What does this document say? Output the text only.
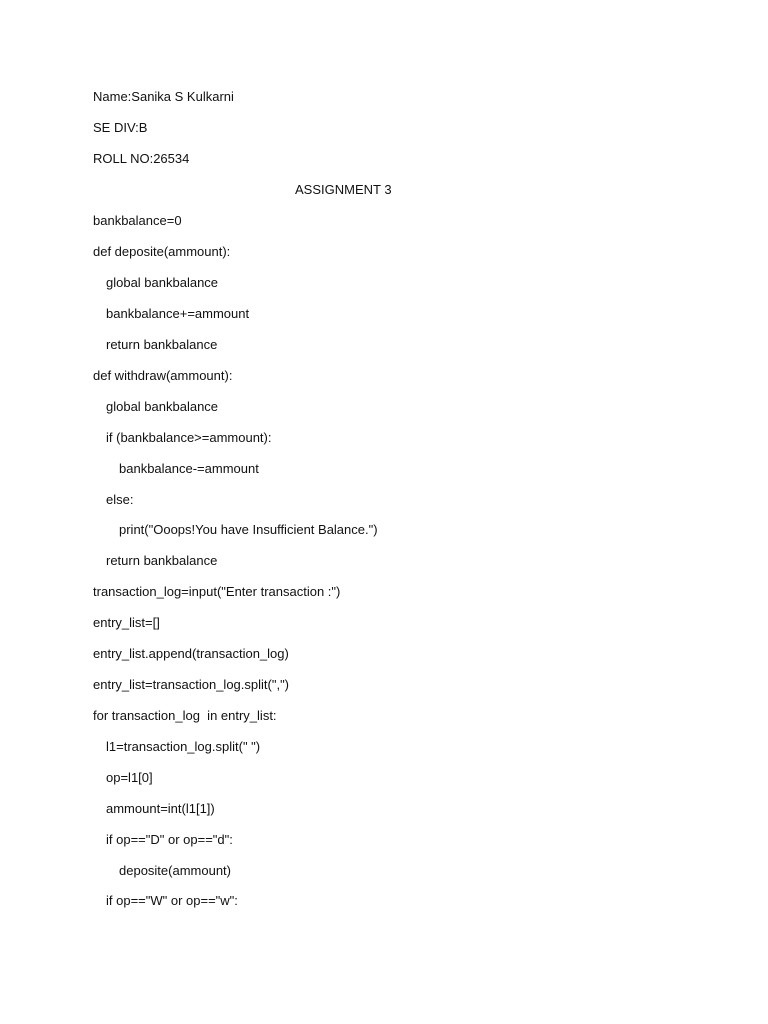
Name:Sanika S Kulkarni
SE DIV:B
ROLL NO:26534
ASSIGNMENT 3
bankbalance=0
def deposite(ammount):
global bankbalance
bankbalance+=ammount
return bankbalance
def withdraw(ammount):
global bankbalance
if (bankbalance>=ammount):
bankbalance-=ammount
else:
print("Ooops!You have Insufficient Balance.")
return bankbalance
transaction_log=input("Enter transaction :")
entry_list=[]
entry_list.append(transaction_log)
entry_list=transaction_log.split(",")
for transaction_log  in entry_list:
l1=transaction_log.split(" ")
op=l1[0]
ammount=int(l1[1])
if op=="D" or op=="d":
deposite(ammount)
if op=="W" or op=="w":
